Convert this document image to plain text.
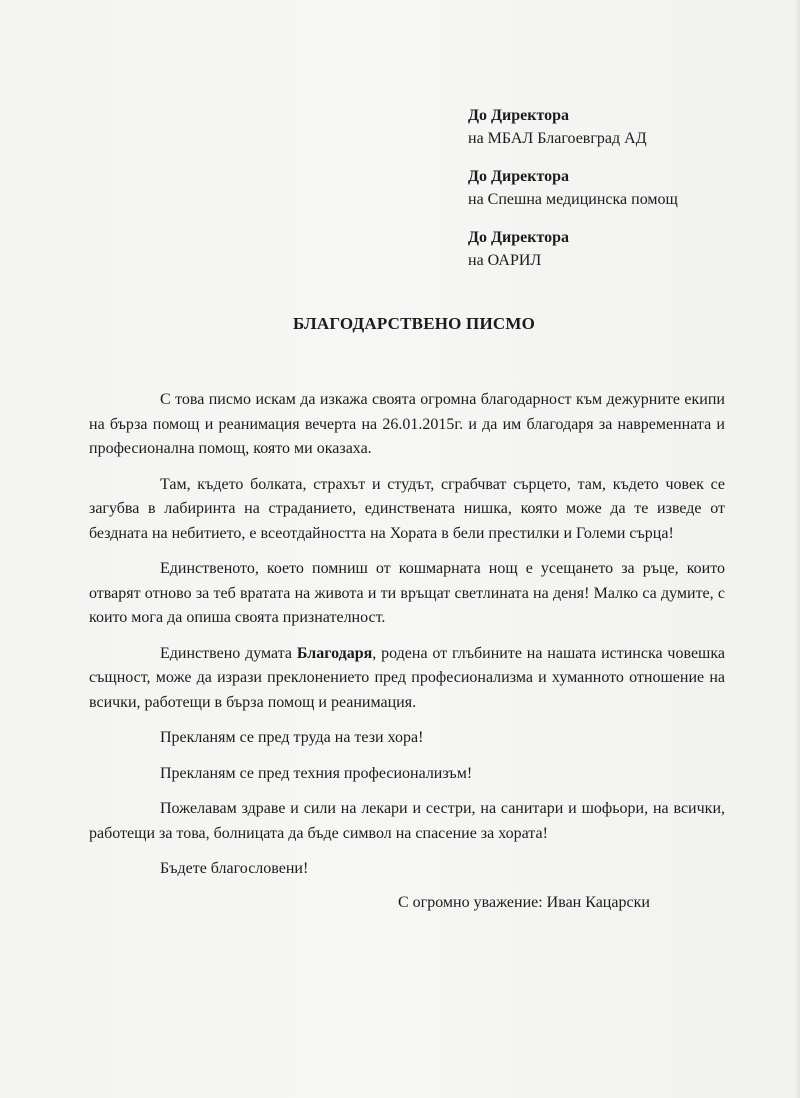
До Директора
на МБАЛ Благоевград АД
До Директора
на Спешна медицинска помощ
До Директора
на ОАРИЛ
БЛАГОДАРСТВЕНО ПИСМО

С това писмо искам да изкажа своята огромна благодарност към дежурните екипи на бърза помощ и реанимация вечерта на 26.01.2015г. и да им благодаря за навременната и професионална помощ, която ми оказаха.

Там, където болката, страхът и студът, сграбчват сърцето, там, където човек се загубва в лабиринта на страданието, единствената нишка, която може да те изведе от бездната на небитието, е всеотдайността на Хората в бели престилки и Големи сърца!

Единственото, което помниш от кошмарната нощ е усещането за ръце, които отварят отново за теб вратата на живота и ти връщат светлината на деня! Малко са думите, с които мога да опиша своята признателност.

Единствено думата Благодаря, родена от глъбините на нашата истинска човешка същност, може да изрази преклонението пред професионализма и хуманното отношение на всички, работещи в бърза помощ и реанимация.

Прекланям се пред труда на тези хора!

Прекланям се пред техния професионализъм!

Пожелавам здраве и сили на лекари и сестри, на санитари и шофьори, на всички, работещи за това, болницата да бъде символ на спасение за хората!

Бъдете благословени!

С огромно уважение: Иван Кацарски
